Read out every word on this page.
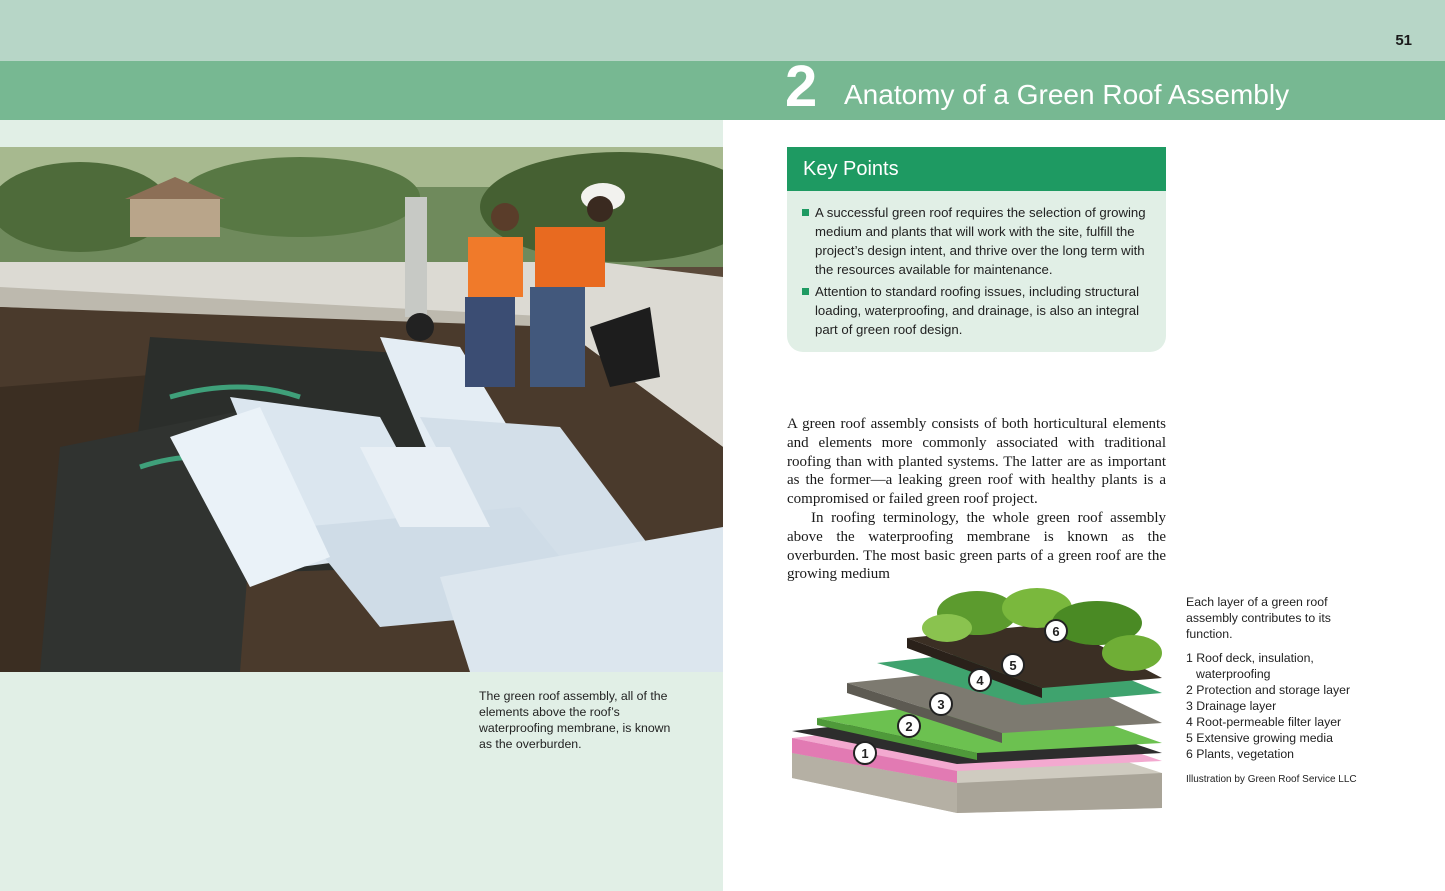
51
2 Anatomy of a Green Roof Assembly
The green roof assembly, all of the elements above the roof’s waterproofing membrane, is known as the overburden.
Key Points
A successful green roof requires the selection of growing medium and plants that will work with the site, fulfill the project’s design intent, and thrive over the long term with the resources available for maintenance.
Attention to standard roofing issues, including structural loading, waterproofing, and drainage, is also an integral part of green roof design.

A green roof assembly consists of both horticultural elements and elements more commonly associated with traditional roofing than with planted systems. The latter are as important as the former—a leaking green roof with healthy plants is a compromised or failed green roof project.

In roofing terminology, the whole green roof assembly above the waterproofing membrane is known as the overburden. The most basic green parts of a green roof are the growing medium

1
2
3
4
5
6

Each layer of a green roof assembly contributes to its function.

1 Roof deck, insulation, waterproofing
2 Protection and storage layer
3 Drainage layer
4 Root-permeable filter layer
5 Extensive growing media
6 Plants, vegetation
Illustration by Green Roof Service LLC
